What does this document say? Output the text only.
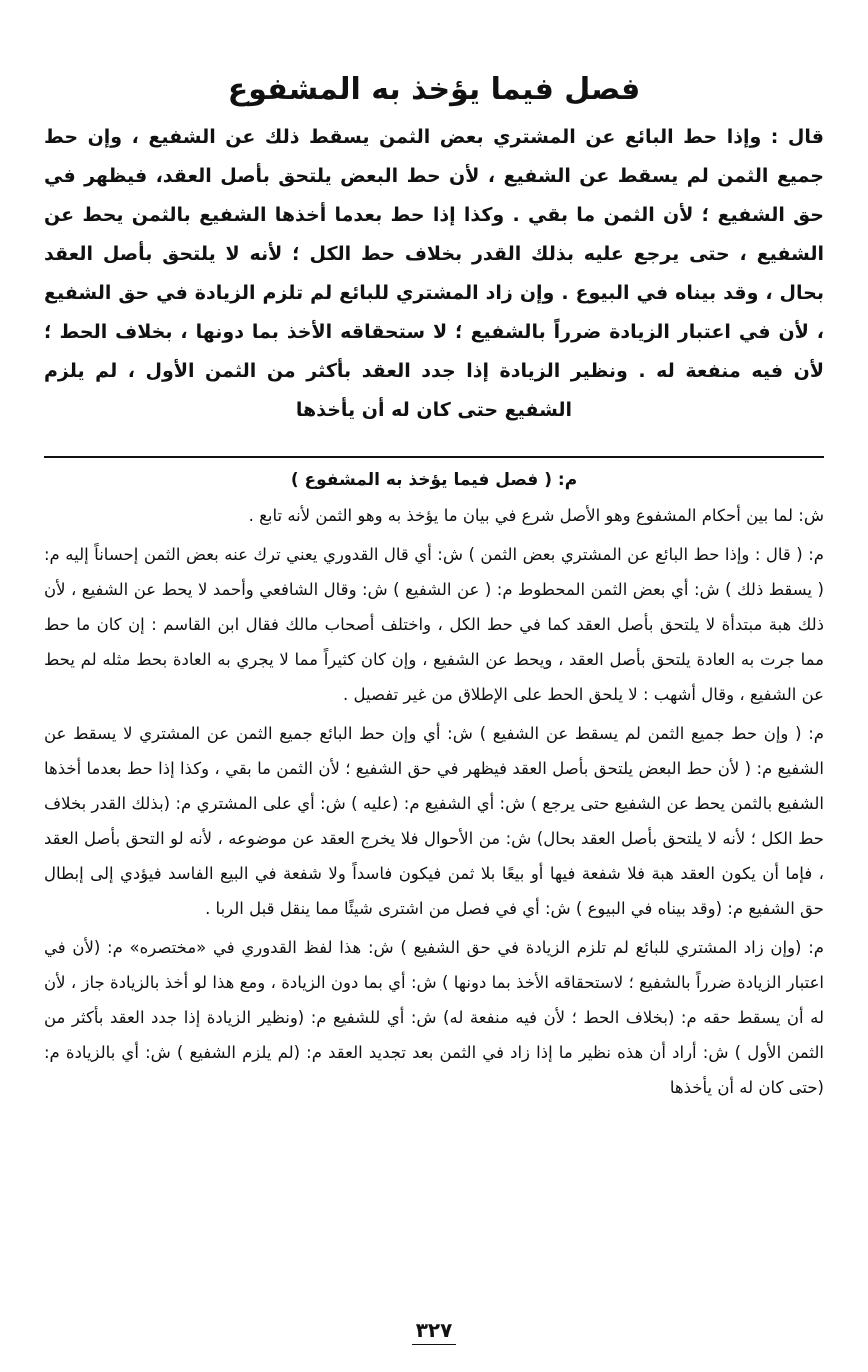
فصل فيما يؤخذ به المشفوع

قال : وإذا حط البائع عن المشتري بعض الثمن يسقط ذلك عن الشفيع ، وإن حط جميع الثمن لم يسقط عن الشفيع ، لأن حط البعض يلتحق بأصل العقد، فيظهر في حق الشفيع ؛ لأن الثمن ما بقي . وكذا إذا حط بعدما أخذها الشفيع بالثمن يحط عن الشفيع ، حتى يرجع عليه بذلك القدر بخلاف حط الكل ؛ لأنه لا يلتحق بأصل العقد بحال ، وقد بيناه في البيوع . وإن زاد المشتري للبائع لم تلزم الزيادة في حق الشفيع ، لأن في اعتبار الزيادة ضرراً بالشفيع ؛ لا ستحقاقه الأخذ بما دونها ، بخلاف الحط ؛ لأن فيه منفعة له . ونظير الزيادة إذا جدد العقد بأكثر من الثمن الأول ، لم يلزم الشفيع حتى كان له أن يأخذها

م: ( فصل فيما يؤخذ به المشفوع )

ش: لما بين أحكام المشفوع وهو الأصل شرع في بيان ما يؤخذ به وهو الثمن لأنه تابع .

م: ( قال : وإذا حط البائع عن المشتري بعض الثمن ) ش: أي قال القدوري يعني ترك عنه بعض الثمن إحساناً إليه م: ( يسقط ذلك ) ش: أي بعض الثمن المحطوط م: ( عن الشفيع ) ش: وقال الشافعي وأحمد لا يحط عن الشفيع ، لأن ذلك هبة مبتدأة لا يلتحق بأصل العقد كما في حط الكل ، واختلف أصحاب مالك فقال ابن القاسم : إن كان ما حط مما جرت به العادة يلتحق بأصل العقد ، ويحط عن الشفيع ، وإن كان كثيراً مما لا يجري به العادة بحط مثله لم يحط عن الشفيع ، وقال أشهب : لا يلحق الحط على الإطلاق من غير تفصيل .

م: ( وإن حط جميع الثمن لم يسقط عن الشفيع ) ش: أي وإن حط البائع جميع الثمن عن المشتري لا يسقط عن الشفيع م: ( لأن حط البعض يلتحق بأصل العقد فيظهر في حق الشفيع ؛ لأن الثمن ما بقي ، وكذا إذا حط بعدما أخذها الشفيع بالثمن يحط عن الشفيع حتى يرجع ) ش: أي الشفيع م: (عليه ) ش: أي على المشتري م: (بذلك القدر بخلاف حط الكل ؛ لأنه لا يلتحق بأصل العقد بحال) ش: من الأحوال فلا يخرج العقد عن موضوعه ، لأنه لو التحق بأصل العقد ، فإما أن يكون العقد هبة فلا شفعة فيها أو بيعًا بلا ثمن فيكون فاسداً ولا شفعة في البيع الفاسد فيؤدي إلى إبطال حق الشفيع م: (وقد بيناه في البيوع ) ش: أي في فصل من اشترى شيئًا مما ينقل قبل الربا .

م: (وإن زاد المشتري للبائع لم تلزم الزيادة في حق الشفيع ) ش: هذا لفظ القدوري في «مختصره» م: (لأن في اعتبار الزيادة ضرراً بالشفيع ؛ لاستحقاقه الأخذ بما دونها ) ش: أي بما دون الزيادة ، ومع هذا لو أخذ بالزيادة جاز ، لأن له أن يسقط حقه م: (بخلاف الحط ؛ لأن فيه منفعة له) ش: أي للشفيع م: (ونظير الزيادة إذا جدد العقد بأكثر من الثمن الأول ) ش: أراد أن هذه نظير ما إذا زاد في الثمن بعد تجديد العقد م: (لم يلزم الشفيع ) ش: أي بالزيادة م: (حتى كان له أن يأخذها

٣٢٧
